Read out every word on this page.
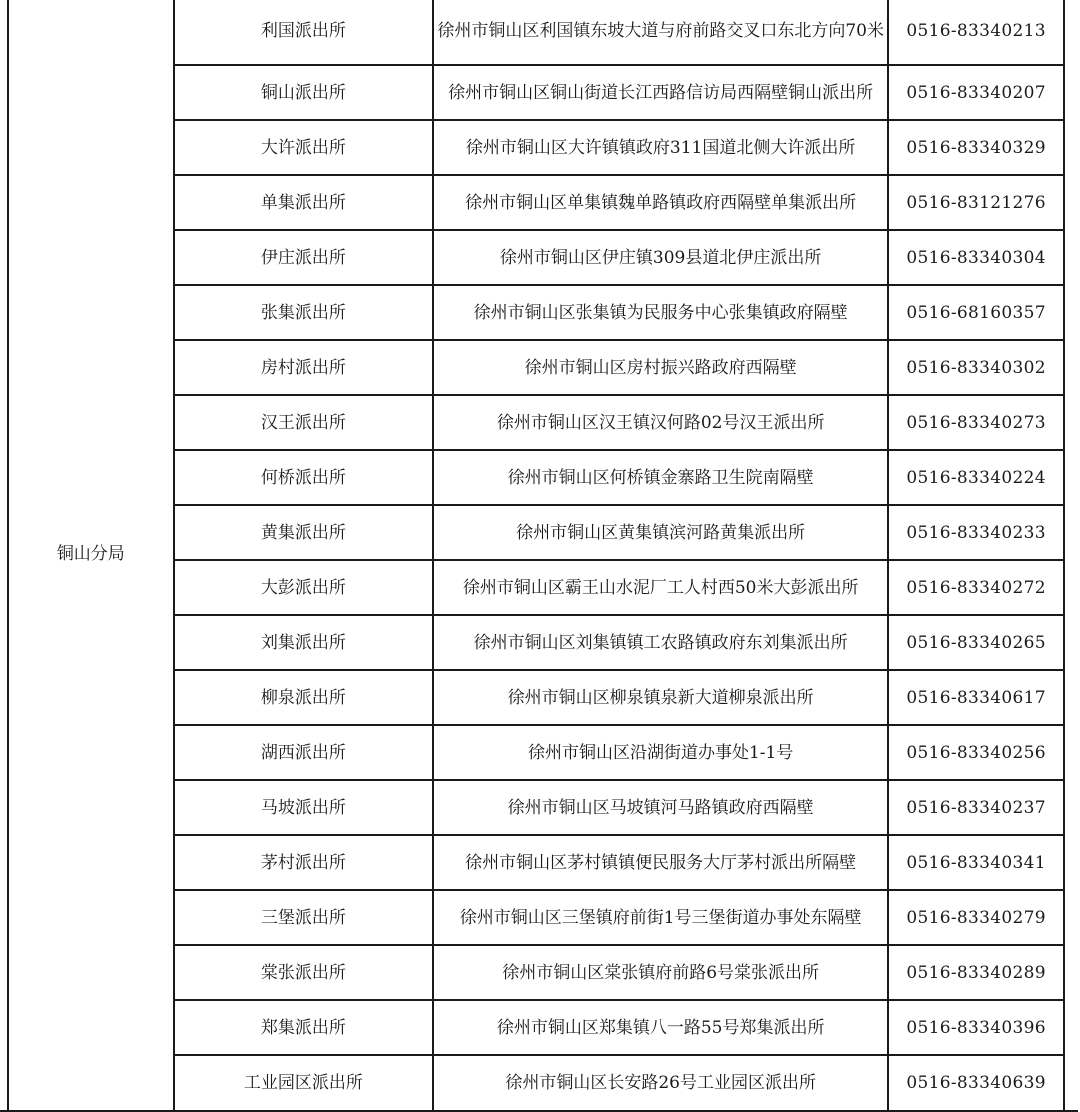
	铜山分局	利国派出所	徐州市铜山区利国镇东坡大道与府前路交叉口东北方向70米	0516-83340213	
		铜山派出所	徐州市铜山区铜山街道长江西路信访局西隔壁铜山派出所	0516-83340207	
		大许派出所	徐州市铜山区大许镇镇政府311国道北侧大许派出所	0516-83340329	
		单集派出所	徐州市铜山区单集镇魏单路镇政府西隔壁单集派出所	0516-83121276	
		伊庄派出所	徐州市铜山区伊庄镇309县道北伊庄派出所	0516-83340304	
		张集派出所	徐州市铜山区张集镇为民服务中心张集镇政府隔壁	0516-68160357	
		房村派出所	徐州市铜山区房村振兴路政府西隔壁	0516-83340302	
		汉王派出所	徐州市铜山区汉王镇汉何路02号汉王派出所	0516-83340273	
		何桥派出所	徐州市铜山区何桥镇金寨路卫生院南隔壁	0516-83340224	
		黄集派出所	徐州市铜山区黄集镇滨河路黄集派出所	0516-83340233	
		大彭派出所	徐州市铜山区霸王山水泥厂工人村西50米大彭派出所	0516-83340272	
		刘集派出所	徐州市铜山区刘集镇镇工农路镇政府东刘集派出所	0516-83340265	
		柳泉派出所	徐州市铜山区柳泉镇泉新大道柳泉派出所	0516-83340617	
		湖西派出所	徐州市铜山区沿湖街道办事处1-1号	0516-83340256	
		马坡派出所	徐州市铜山区马坡镇河马路镇政府西隔壁	0516-83340237	
		茅村派出所	徐州市铜山区茅村镇镇便民服务大厅茅村派出所隔壁	0516-83340341	
		三堡派出所	徐州市铜山区三堡镇府前街1号三堡街道办事处东隔壁	0516-83340279	
		棠张派出所	徐州市铜山区棠张镇府前路6号棠张派出所	0516-83340289	
		郑集派出所	徐州市铜山区郑集镇八一路55号郑集派出所	0516-83340396	
		工业园区派出所	徐州市铜山区长安路26号工业园区派出所	0516-83340639	
